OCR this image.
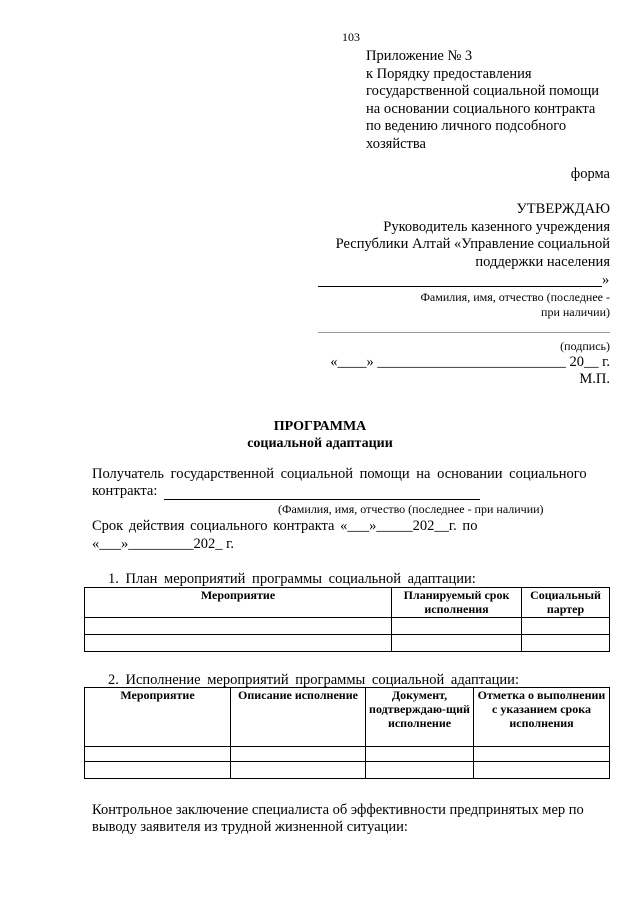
103
Приложение № 3
к Порядку предоставления
государственной социальной помощи
на основании социального контракта
по ведению личного подсобного
хозяйства
форма
УТВЕРЖДАЮ
Руководитель казенного учреждения
Республики Алтай «Управление социальной
поддержки населения
»
Фамилия, имя, отчество (последнее -
при наличии)
(подпись)
«____» __________________________ 20__ г.
М.П.
ПРОГРАММА
социальной адаптации
Получатель государственной социальной помощи на основании социального
контракта:
(Фамилия, имя, отчество (последнее - при наличии)
Срок действия социального контракта «___»_____202__г. по
«___»_________202_ г.
1. План мероприятий программы социальной адаптации:
Мероприятие	Планируемый срок исполнения	Социальный партер

2. Исполнение мероприятий программы социальной адаптации:
Мероприятие	Описание исполнение	Документ, подтверждаю-щий исполнение	Отметка о выполнении с указанием срока исполнения

Контрольное заключение специалиста об эффективности предпринятых мер по
выводу заявителя из трудной жизненной ситуации:
